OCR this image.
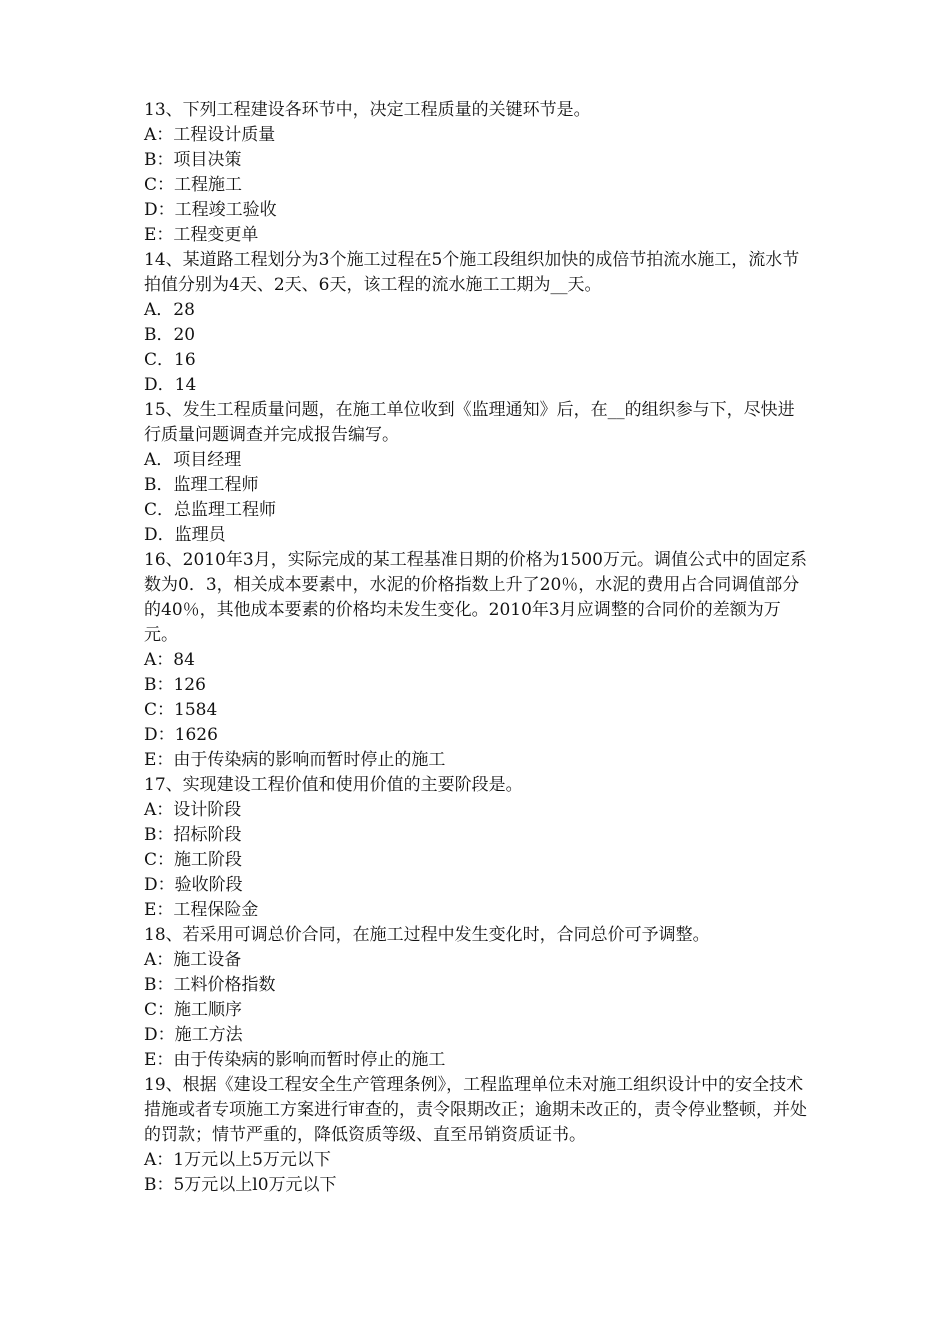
13、下列工程建设各环节中，决定工程质量的关键环节是。

A：工程设计质量

B：项目决策

C：工程施工

D：工程竣工验收

E：工程变更单

14、某道路工程划分为3个施工过程在5个施工段组织加快的成倍节拍流水施工，流水节拍值分别为4天、2天、6天，该工程的流水施工工期为__天。

A．28

B．20

C．16

D．14

15、发生工程质量问题，在施工单位收到《监理通知》后，在__的组织参与下，尽快进行质量问题调查并完成报告编写。

A．项目经理

B．监理工程师

C．总监理工程师

D．监理员

16、2010年3月，实际完成的某工程基准日期的价格为1500万元。调值公式中的固定系数为0．3，相关成本要素中，水泥的价格指数上升了20％，水泥的费用占合同调值部分的40％，其他成本要素的价格均未发生变化。2010年3月应调整的合同价的差额为万元。

A：84

B：126

C：1584

D：1626

E：由于传染病的影响而暂时停止的施工

17、实现建设工程价值和使用价值的主要阶段是。

A：设计阶段

B：招标阶段

C：施工阶段

D：验收阶段

E：工程保险金

18、若采用可调总价合同，在施工过程中发生变化时，合同总价可予调整。

A：施工设备

B：工料价格指数

C：施工顺序

D：施工方法

E：由于传染病的影响而暂时停止的施工

19、根据《建设工程安全生产管理条例》，工程监理单位未对施工组织设计中的安全技术措施或者专项施工方案进行审查的，责令限期改正；逾期未改正的，责令停业整顿，并处的罚款；情节严重的，降低资质等级、直至吊销资质证书。

A：1万元以上5万元以下

B：5万元以上l0万元以下
